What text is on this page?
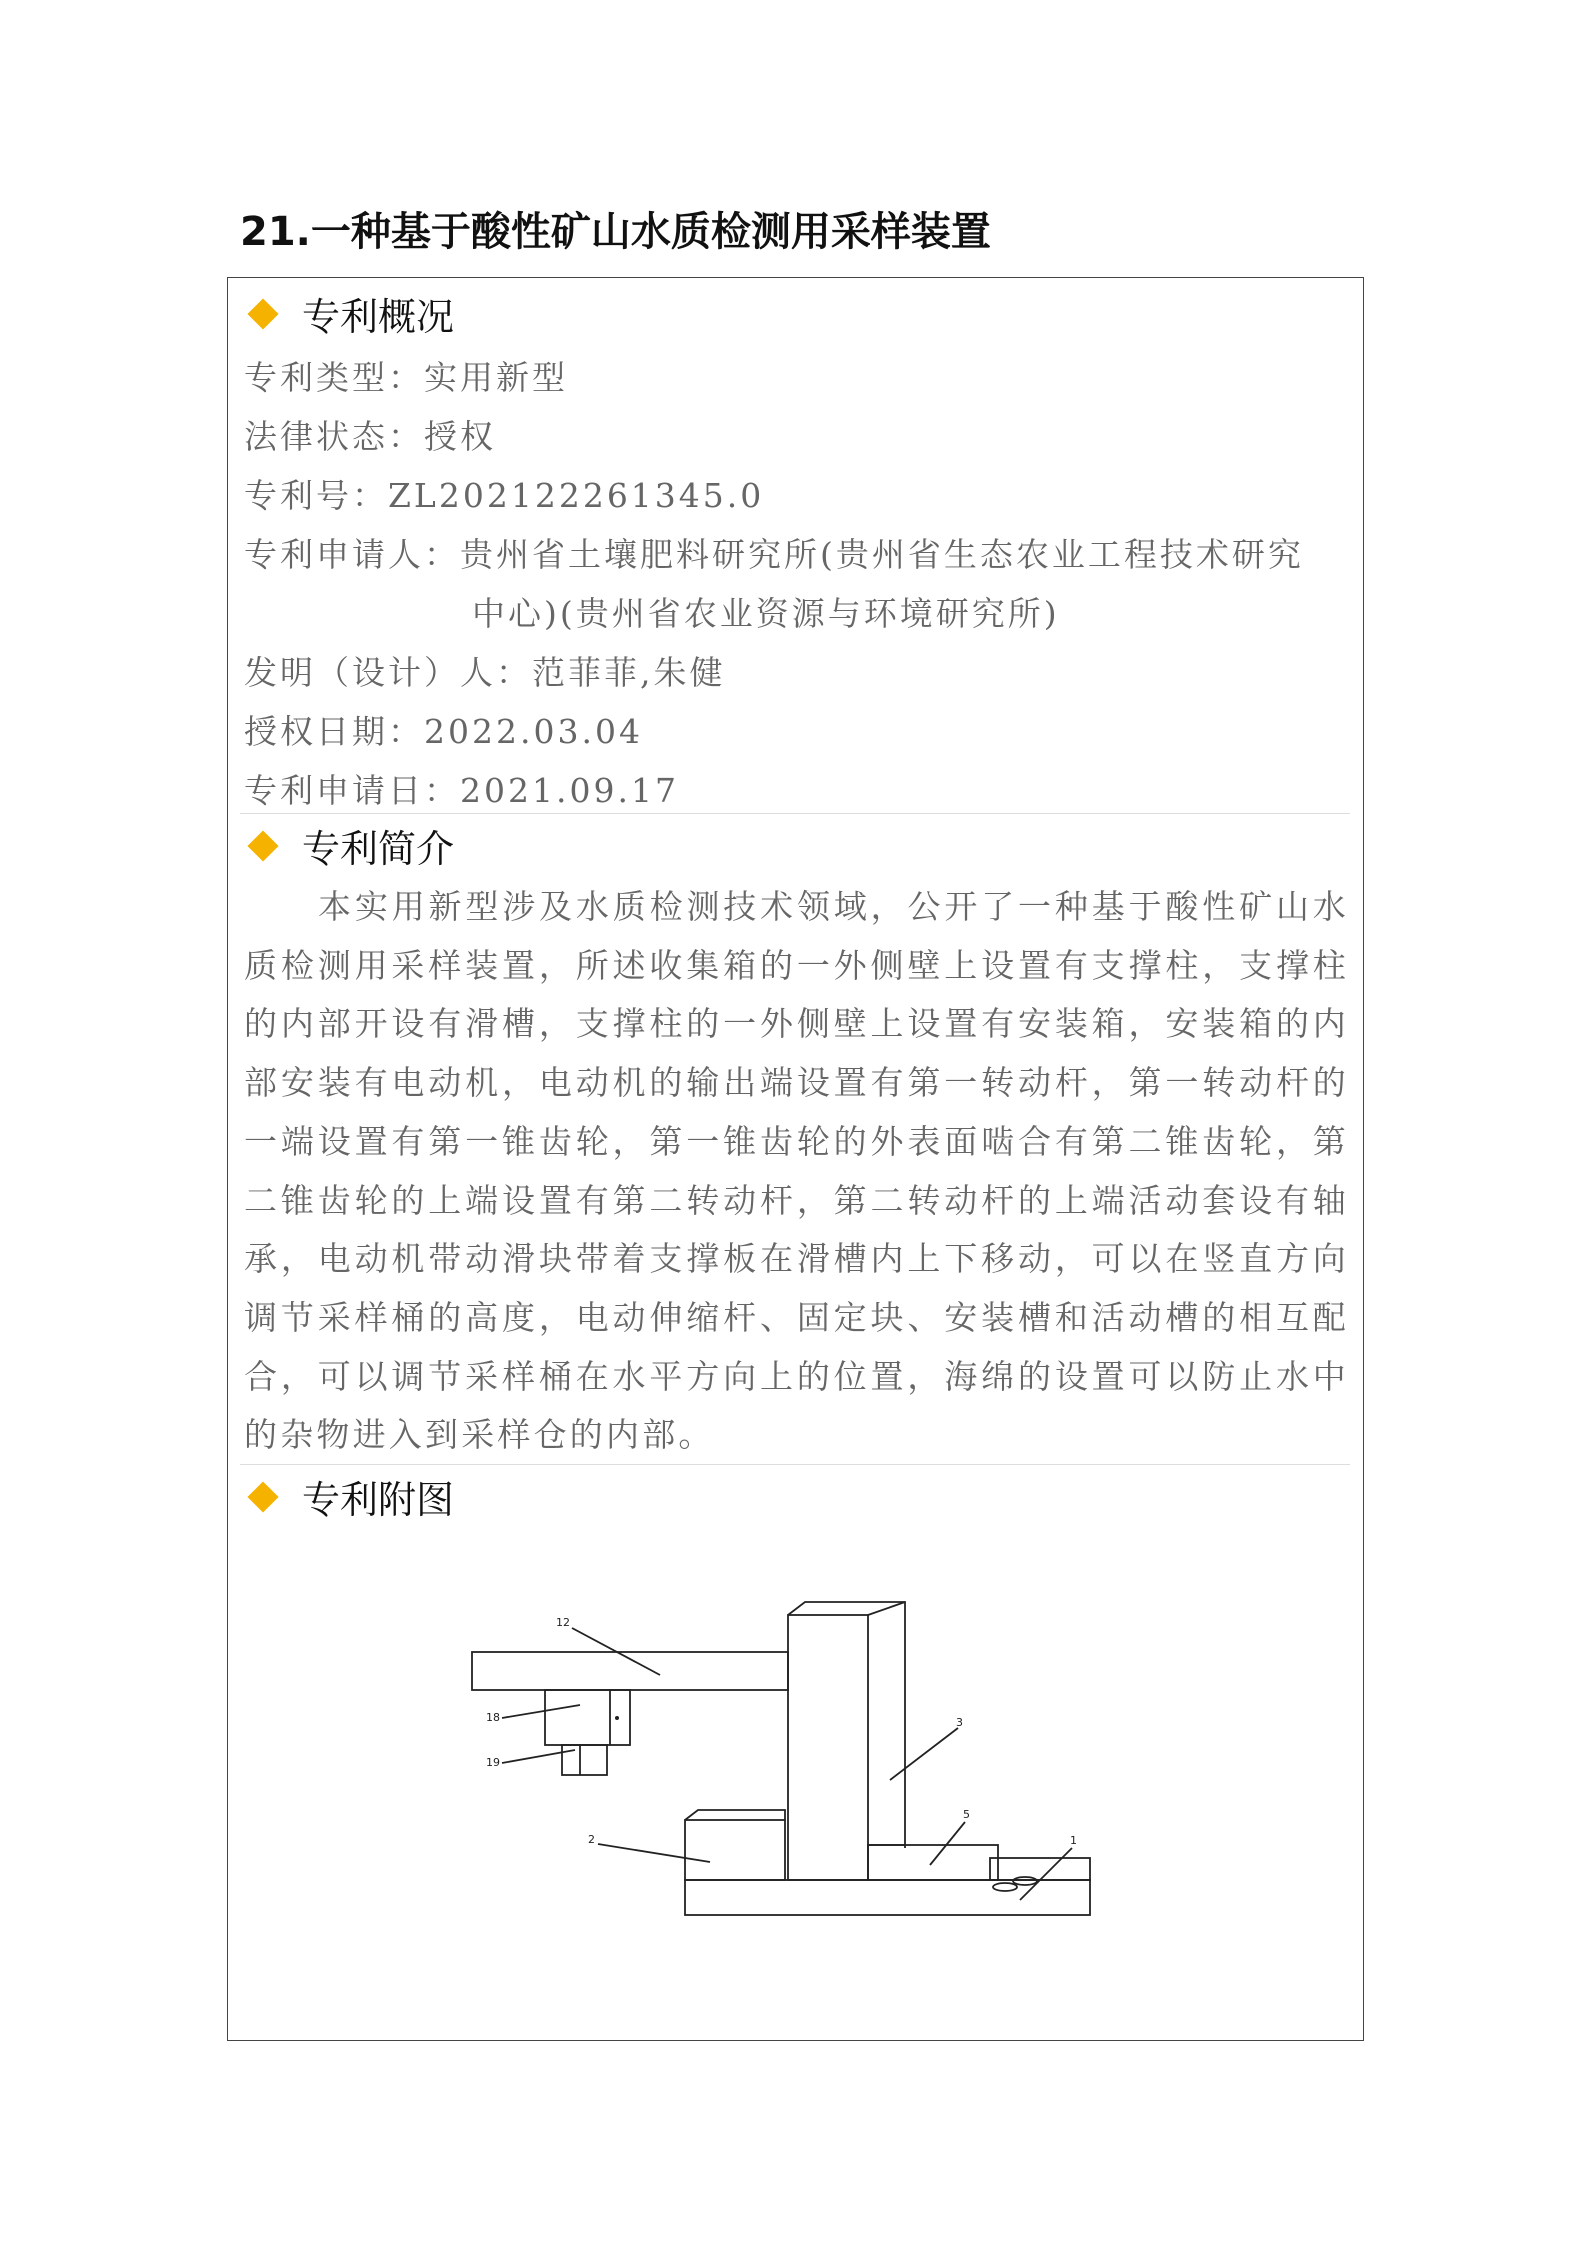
21.一种基于酸性矿山水质检测用采样装置
专利概况
专利类型：实用新型
法律状态：授权
专利号：ZL202122261345.0
专利申请人：贵州省土壤肥料研究所(贵州省生态农业工程技术研究
中心)(贵州省农业资源与环境研究所)
发明（设计）人：范菲菲,朱健
授权日期：2022.03.04
专利申请日：2021.09.17
专利简介

本实用新型涉及水质检测技术领域，公开了一种基于酸性矿山水质检测用采样装置，所述收集箱的一外侧壁上设置有支撑柱，支撑柱的内部开设有滑槽，支撑柱的一外侧壁上设置有安装箱，安装箱的内部安装有电动机，电动机的输出端设置有第一转动杆，第一转动杆的一端设置有第一锥齿轮，第一锥齿轮的外表面啮合有第二锥齿轮，第二锥齿轮的上端设置有第二转动杆，第二转动杆的上端活动套设有轴承，电动机带动滑块带着支撑板在滑槽内上下移动，可以在竖直方向调节采样桶的高度，电动伸缩杆、固定块、安装槽和活动槽的相互配合，可以调节采样桶在水平方向上的位置，海绵的设置可以防止水中的杂物进入到采样仓的内部。

专利附图
12
18
19
3
5
2	1
